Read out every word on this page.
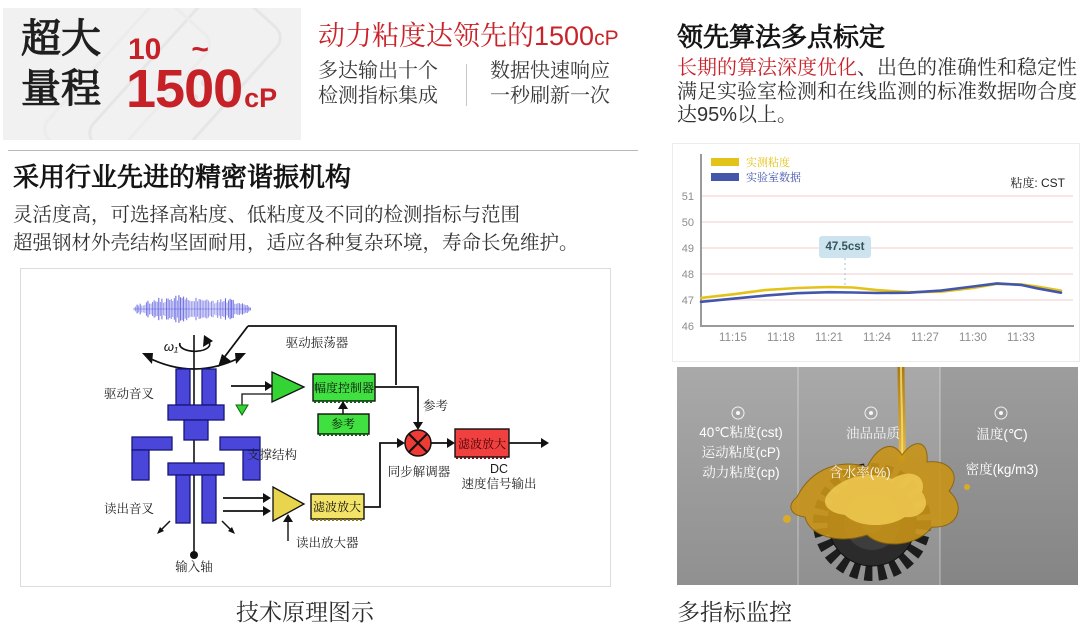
超大
量程
10　~
1500 cP
动力粘度达领先的1500cP
多达输出十个
检测指标集成
数据快速响应
一秒刷新一次
采用行业先进的精密谐振机构
灵活度高，可选择高粘度、低粘度及不同的检测指标与范围
超强钢材外壳结构坚固耐用，适应各种复杂环境，寿命长免维护。
ω₁
驱动音叉
读出音叉
输入轴
支撑结构
幅度控制器
参考
驱动振荡器
参考
同步解调器
读出放大器
滤波放大
滤波放大
DC
速度信号输出
技术原理图示
领先算法多点标定
长期的算法深度优化、出色的准确性和稳定性满足实验室检测和在线监测的标准数据吻合度达95%以上。
46
47
48
49
50
51
11:15 11:18 11:21 11:24 11:27 11:30 11:33
实测粘度
实验室数据	粘度: CST
47.5cst
40℃粘度(cst)
运动粘度(cP)
动力粘度(cp)
油品品质
含水率(%)
温度(℃)
密度(kg/m3)
多指标监控
